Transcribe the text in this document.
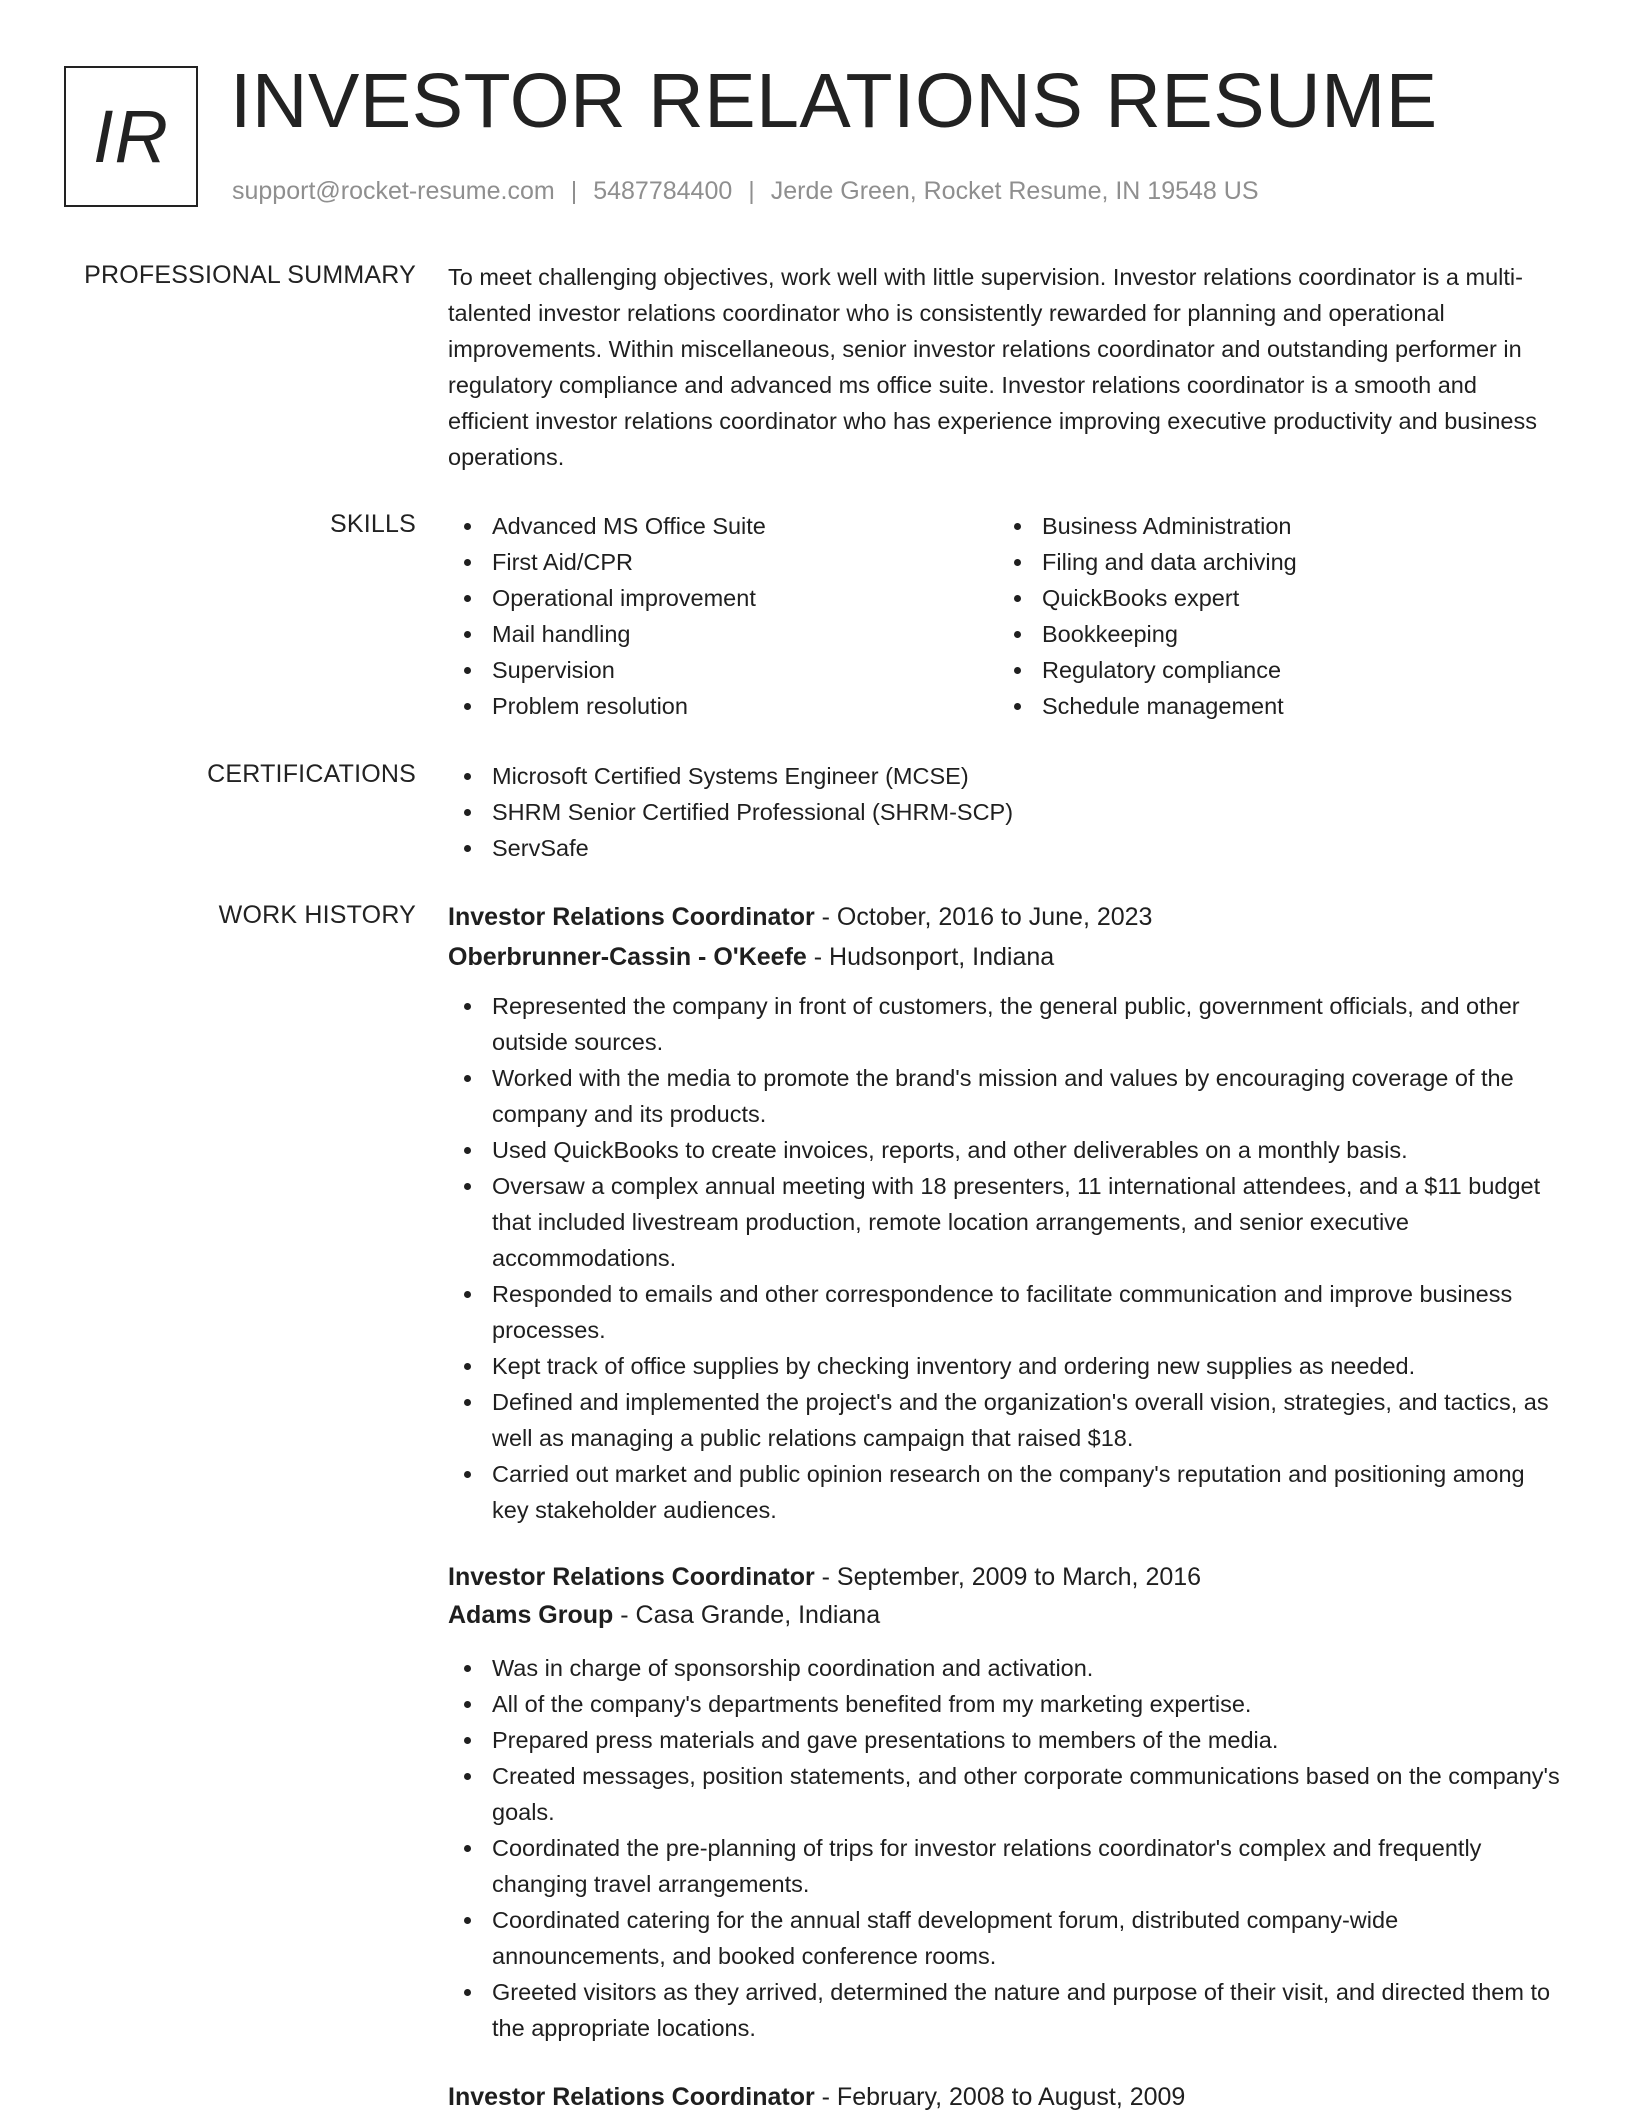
IR INVESTOR RELATIONS RESUME
support@rocket-resume.com | 5487784400 | Jerde Green, Rocket Resume, IN 19548 US
PROFESSIONAL SUMMARY To meet challenging objectives, work well with little supervision. Investor relations coordinator is a multi-talented investor relations coordinator who is consistently rewarded for planning and operational improvements. Within miscellaneous, senior investor relations coordinator and outstanding performer in regulatory compliance and advanced ms office suite. Investor relations coordinator is a smooth and efficient investor relations coordinator who has experience improving executive productivity and business operations.

SKILLS	Advanced MS Office Suite
First Aid/CPR
Operational improvement
Mail handling
Supervision
Problem resolution
Business Administration
Filing and data archiving
QuickBooks expert
Bookkeeping
Regulatory compliance
Schedule management
CERTIFICATIONS	Microsoft Certified Systems Engineer (MCSE)
SHRM Senior Certified Professional (SHRM-SCP)
ServSafe
WORK HISTORY Investor Relations Coordinator - October, 2016 to June, 2023

Oberbrunner-Cassin - O'Keefe - Hudsonport, Indiana

Represented the company in front of customers, the general public, government officials, and other outside sources.
Worked with the media to promote the brand's mission and values by encouraging coverage of the company and its products.
Used QuickBooks to create invoices, reports, and other deliverables on a monthly basis.
Oversaw a complex annual meeting with 18 presenters, 11 international attendees, and a $11 budget that included livestream production, remote location arrangements, and senior executive accommodations.
Responded to emails and other correspondence to facilitate communication and improve business processes.
Kept track of office supplies by checking inventory and ordering new supplies as needed.
Defined and implemented the project's and the organization's overall vision, strategies, and tactics, as well as managing a public relations campaign that raised $18.
Carried out market and public opinion research on the company's reputation and positioning among key stakeholder audiences.

Investor Relations Coordinator - September, 2009 to March, 2016

Adams Group - Casa Grande, Indiana

Was in charge of sponsorship coordination and activation.
All of the company's departments benefited from my marketing expertise.
Prepared press materials and gave presentations to members of the media.
Created messages, position statements, and other corporate communications based on the company's goals.
Coordinated the pre-planning of trips for investor relations coordinator's complex and frequently changing travel arrangements.
Coordinated catering for the annual staff development forum, distributed company-wide announcements, and booked conference rooms.
Greeted visitors as they arrived, determined the nature and purpose of their visit, and directed them to the appropriate locations.

Investor Relations Coordinator - February, 2008 to August, 2009
